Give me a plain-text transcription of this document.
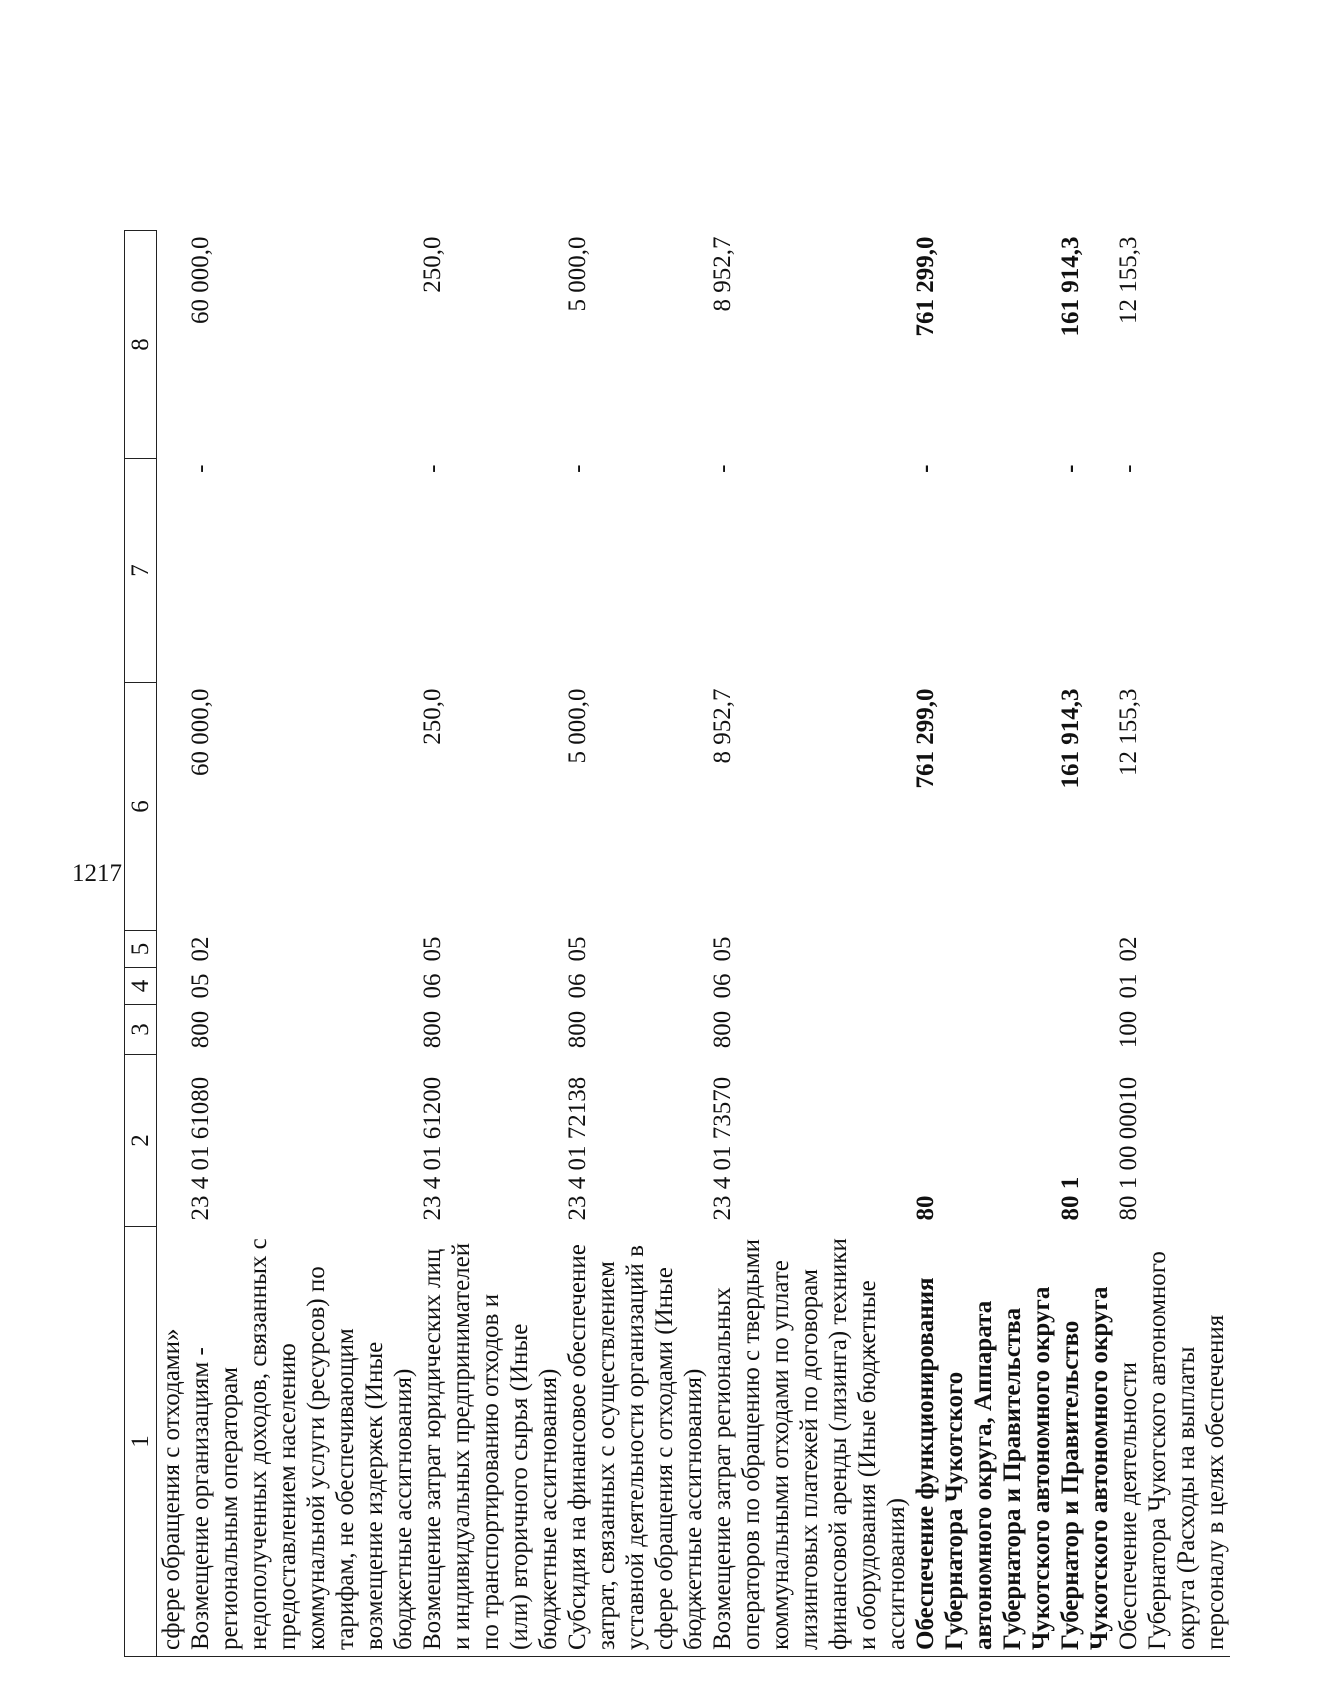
1217
1	2	3	4	5	6	7	8
сфере обращения с отходами»							
Возмещение организациям - региональным операторам недополученных доходов, связанных с предоставлением населению коммунальной услуги (ресурсов) по тарифам, не обеспечивающим возмещение издержек (Иные бюджетные ассигнования)	23 4 01 61080	800	05	02	60 000,0	-	60 000,0
Возмещение затрат юридических лиц и индивидуальных предпринимателей по транспортированию отходов и (или) вторичного сырья (Иные бюджетные ассигнования)	23 4 01 61200	800	06	05	250,0	-	250,0
Субсидия на финансовое обеспечение затрат, связанных с осуществлением уставной деятельности организаций в сфере обращения с отходами (Иные бюджетные ассигнования)	23 4 01 72138	800	06	05	5 000,0	-	5 000,0
Возмещение затрат региональных операторов по обращению с твердыми коммунальными отходами по уплате лизинговых платежей по договорам финансовой аренды (лизинга) техники и оборудования (Иные бюджетные ассигнования)	23 4 01 73570	800	06	05	8 952,7	-	8 952,7
Обеспечение функционирования Губернатора Чукотского автономного округа, Аппарата Губернатора и Правительства Чукотского автономного округа	80				761 299,0	-	761 299,0
Губернатор и Правительство Чукотского автономного округа	80 1				161 914,3	-	161 914,3
Обеспечение деятельности Губернатора Чукотского автономного округа (Расходы на выплаты персоналу в целях обеспечения	80 1 00 00010	100	01	02	12 155,3	-	12 155,3
